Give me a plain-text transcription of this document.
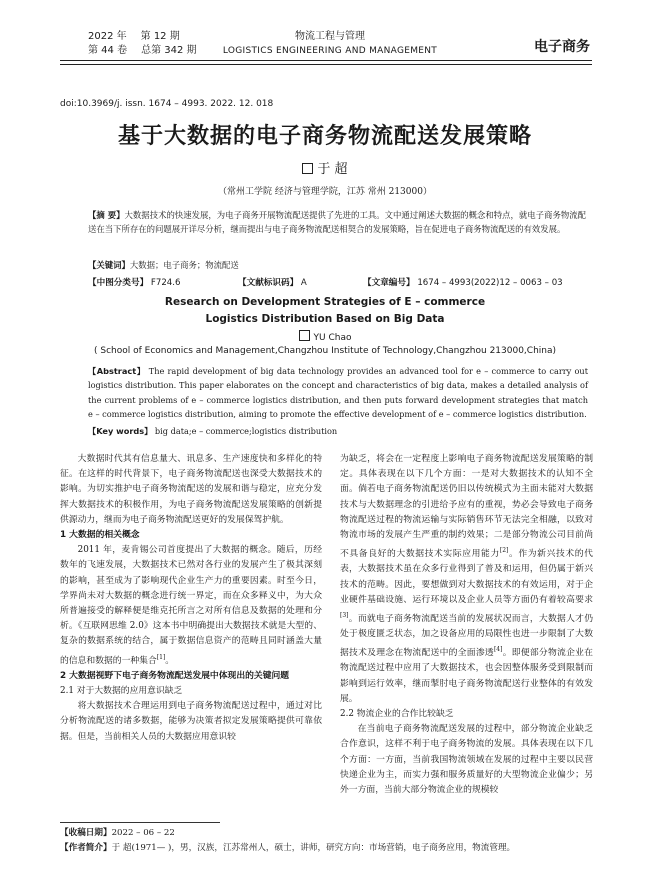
2022 年 第 12 期
第 44 卷 总第 342 期
物流工程与管理
LOGISTICS ENGINEERING AND MANAGEMENT	电子商务
doi:10.3969/j. issn. 1674 – 4993. 2022. 12. 018
基于大数据的电子商务物流配送发展策略
于 超
（常州工学院 经济与管理学院，江苏 常州 213000）
【摘 要】大数据技术的快速发展，为电子商务开展物流配送提供了先进的工具。文中通过阐述大数据的概念和特点，就电子商务物流配送在当下所存在的问题展开详尽分析，继而提出与电子商务物流配送相契合的发展策略，旨在促进电子商务物流配送的有效发展。
【关键词】大数据；电子商务；物流配送
【中图分类号】 F724.6	【文献标识码】 A	【文章编号】 1674 – 4993(2022)12 – 0063 – 03
Research on Development Strategies of E – commerce
Logistics Distribution Based on Big Data
YU Chao
( School of Economics and Management,Changzhou Institute of Technology,Changzhou 213000,China)
【Abstract】 The rapid development of big data technology provides an advanced tool for e – commerce to carry out logistics distribution. This paper elaborates on the concept and characteristics of big data, makes a detailed analysis of the current problems of e – commerce logistics distribution, and then puts forward development strategies that match e – commerce logistics distribution, aiming to promote the effective development of e – commerce logistics distribution.
【Key words】 big data;e – commerce;logistics distribution

大数据时代其有信息量大、讯息多、生产速度快和多样化的特征。在这样的时代背景下，电子商务物流配送也深受大数据技术的影响。为切实推护电子商务物流配送的发展和谐与稳定，应充分发挥大数据技术的积极作用，为电子商务物流配送发展策略的创新提供源动力，继而为电子商务物流配送更好的发展保驾护航。

1 大数据的相关概念

2011 年，麦肯锡公司首度提出了大数据的概念。随后，历经数年的飞速发展，大数据技术已然对各行业的发展产生了极其深刻的影响，甚至成为了影响现代企业生产力的重要因素。时至今日，学界尚未对大数据的概念进行统一界定，而在众多释义中，为大众所普遍接受的解释便是维克托所言之对所有信息及数据的处理和分析。《互联网思维 2.0》这本书中明确提出大数据技术就是大型的、复杂的数据系统的结合，属于数据信息资产的范畴且同时涵盖大量的信息和数据的一种集合[1]。

2 大数据视野下电子商务物流配送发展中体现出的关键问题

2.1 对于大数据的应用意识缺乏

将大数据技术合理运用到电子商务物流配送过程中，通过对比分析物流配送的诸多数据，能够为决策者拟定发展策略提供可靠依据。但是，当前相关人员的大数据应用意识较

为缺乏，将会在一定程度上影响电子商务物流配送发展策略的制定。具体表现在以下几个方面：一是对大数据技术的认知不全面。倘若电子商务物流配送仍旧以传统模式为主面未能对大数据技术与大数据理念的引进给予应有的重视，势必会导致电子商务物流配送过程的物流运输与实际销售环节无法完全相融，以致对物流市场的发展产生严重的制约效果；二是部分物流公司目前尚不具备良好的大数据技术实际应用能力[2]。作为新兴技术的代表，大数据技术虽在众多行业得到了普及和运用，但仍属于新兴技术的范畴。因此，要想做到对大数据技术的有效运用，对于企业硬件基础设施、运行环境以及企业人员等方面仍有着较高要求[3]。而就电子商务物流配送当前的发展状况而言，大数据人才仍处于极度匮乏状态，加之设备应用的局限性也进一步限制了大数据技术及理念在物流配送中的全面渗透[4]。即便部分物流企业在物流配送过程中应用了大数据技术，也会因整体服务受到限制而影响到运行效率，继而掣肘电子商务物流配送行业整体的有效发展。

2.2 物流企业的合作比较缺乏

在当前电子商务物流配送发展的过程中，部分物流企业缺乏合作意识，这样不利于电子商务物流的发展。具体表现在以下几个方面：一方面，当前我国物流领域在发展的过程中主要以民营快递企业为主，而实力强和服务质量好的大型物流企业偏少；另外一方面，当前大部分物流企业的规模较

【收稿日期】2022 – 06 – 22
【作者简介】于 超(1971— )，男，汉族，江苏常州人，硕士，讲师，研究方向：市场营销，电子商务应用，物流管理。
